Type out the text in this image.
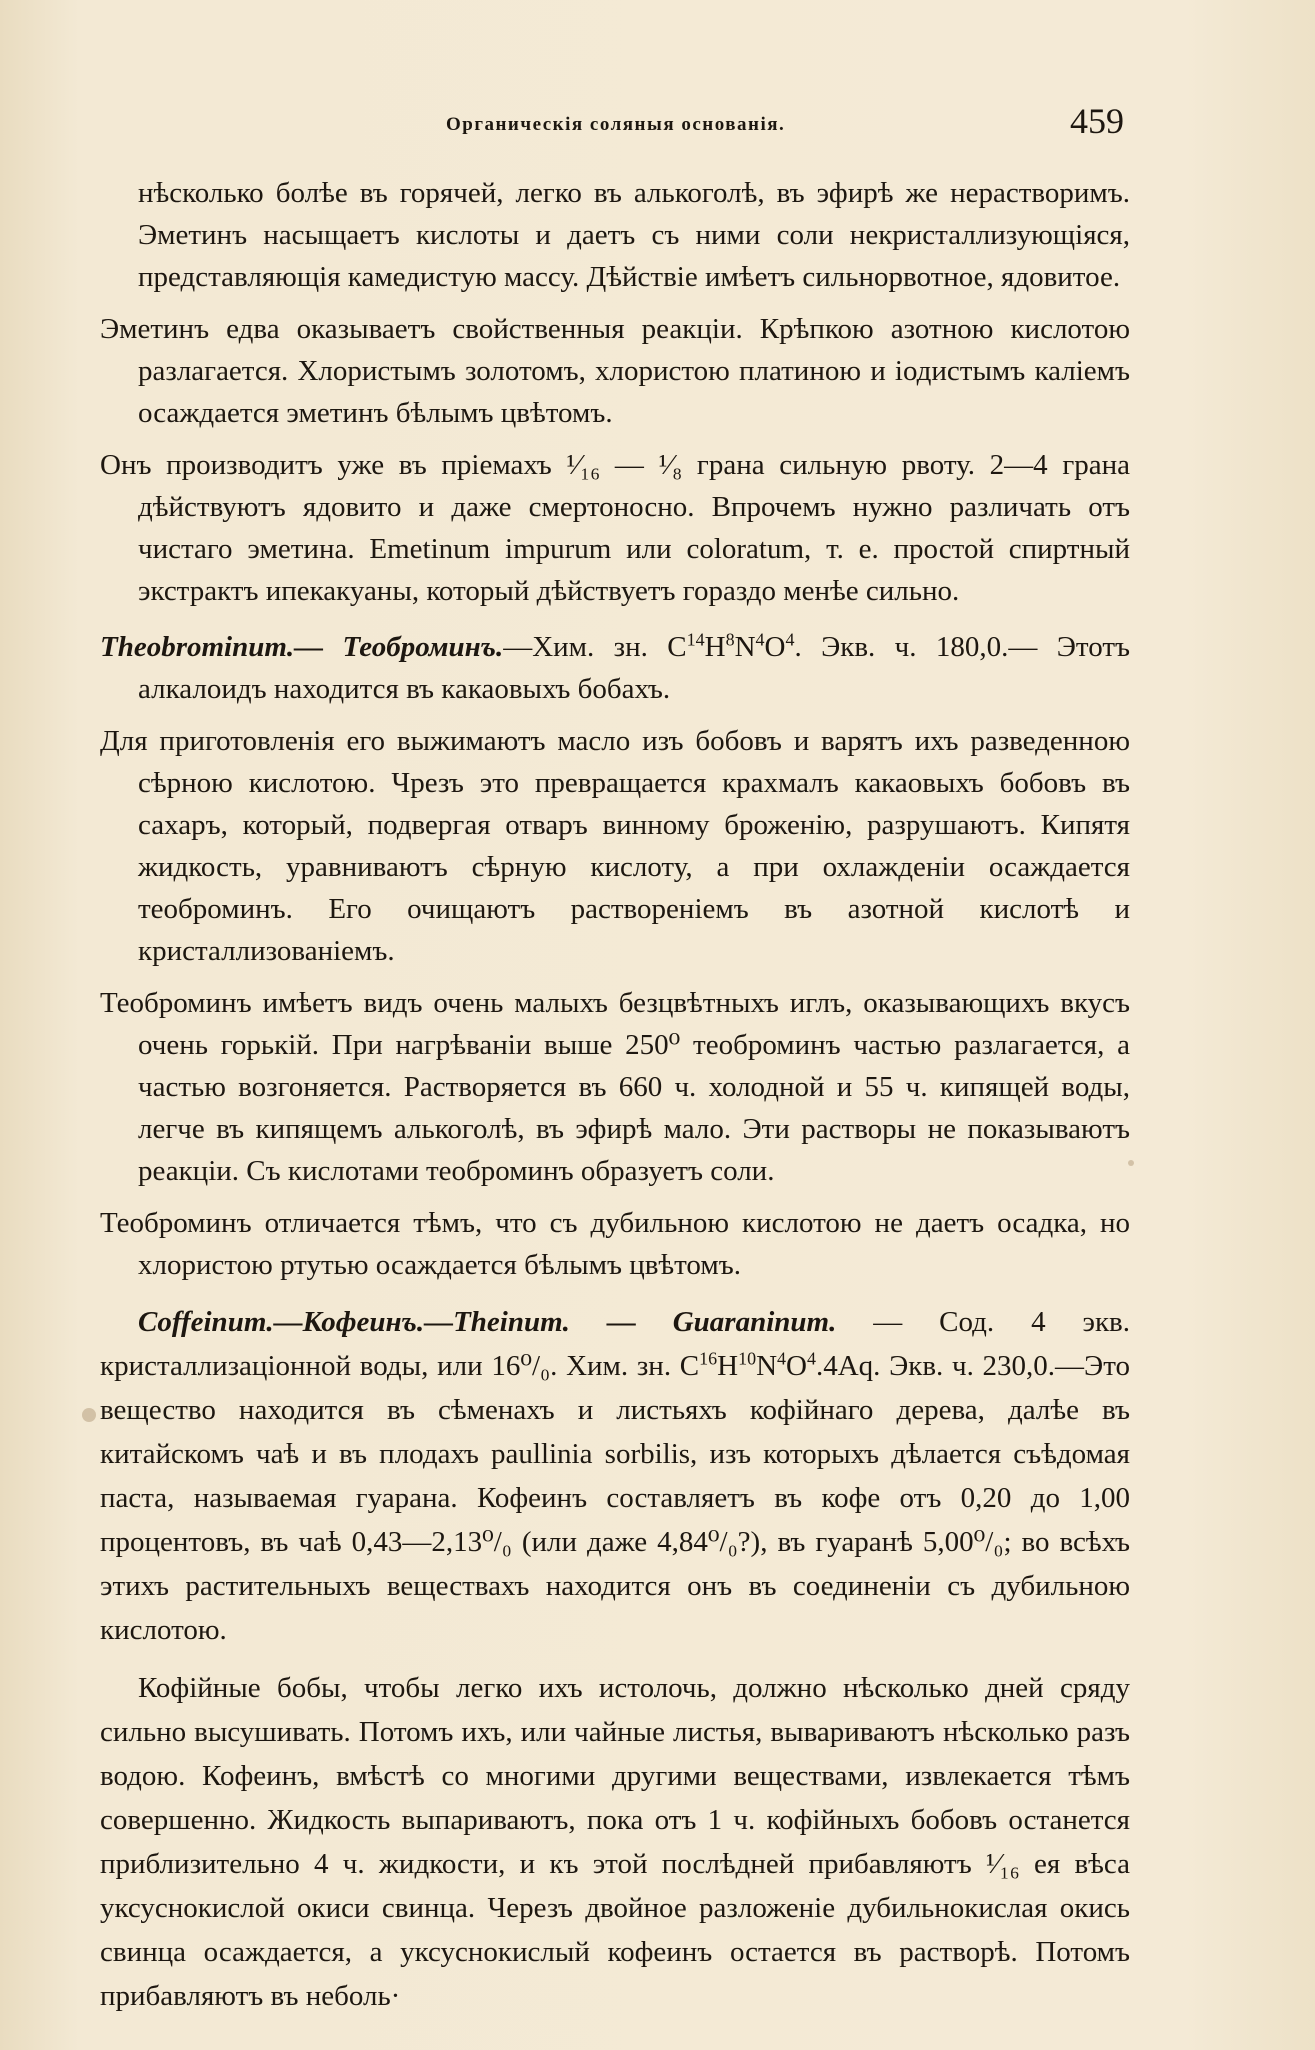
Органическія соляныя основанія.	459

нѣсколько болѣе въ горячей, легко въ алькоголѣ, въ эфирѣ же нерастворимъ. Эметинъ насыщаетъ кислоты и даетъ съ ними соли некристаллизующіяся, представляющія камедистую массу. Дѣйствіе имѣетъ сильнорвотное, ядовитое.

Эметинъ едва оказываетъ свойственныя реакціи. Крѣпкою азотною кислотою разлагается. Хлористымъ золотомъ, хлористою платиною и іодистымъ каліемъ осаждается эметинъ бѣлымъ цвѣтомъ.

Онъ производитъ уже въ пріемахъ ¹⁄₁₆ — ¹⁄₈ грана сильную рвоту. 2—4 грана дѣйствуютъ ядовито и даже смертоносно. Впрочемъ нужно различать отъ чистаго эметина. Emetinum impurum или coloratum, т. е. простой спиртный экстрактъ ипекакуаны, который дѣйствуетъ гораздо менѣе сильно.

Theobrominum.— Теоброминъ.—Хим. зн. $C^{14}H^8N^4O^4$. Экв. ч. 180,0.— Этотъ алкалоидъ находится въ какаовыхъ бобахъ.

Для приготовленія его выжимаютъ масло изъ бобовъ и варятъ ихъ разведенною сѣрною кислотою. Чрезъ это превращается крахмалъ какаовыхъ бобовъ въ сахаръ, который, подвергая отваръ винному броженію, разрушаютъ. Кипятя жидкость, уравниваютъ сѣрную кислоту, а при охлажденіи осаждается теоброминъ. Его очищаютъ раствореніемъ въ азотной кислотѣ и кристаллизованіемъ.

Теоброминъ имѣетъ видъ очень малыхъ безцвѣтныхъ иглъ, оказывающихъ вкусъ очень горькій. При нагрѣваніи выше 250⁰ теоброминъ частью разлагается, а частью возгоняется. Растворяется въ 660 ч. холодной и 55 ч. кипящей воды, легче въ кипящемъ алькоголѣ, въ эфирѣ мало. Эти растворы не показываютъ реакціи. Съ кислотами теоброминъ образуетъ соли.

Теоброминъ отличается тѣмъ, что съ дубильною кислотою не даетъ осадка, но хлористою ртутью осаждается бѣлымъ цвѣтомъ.

Coffeinum.—Кофеинъ.—Theinum. — Guaraninum. — Сод. 4 экв. кристаллизаціонной воды, или 16⁰/₀. Хим. зн. $C^{16}H^{10}N^4O^4.4Aq$. Экв. ч. 230,0.—Это вещество находится въ сѣменахъ и листьяхъ кофійнаго дерева, далѣе въ китайскомъ чаѣ и въ плодахъ paullinia sorbilis, изъ которыхъ дѣлается съѣдомая паста, называемая гуарана. Кофеинъ составляетъ въ кофе отъ 0,20 до 1,00 процентовъ, въ чаѣ 0,43—2,13⁰/₀ (или даже 4,84⁰/₀?), въ гуаранѣ 5,00⁰/₀; во всѣхъ этихъ растительныхъ веществахъ находится онъ въ соединеніи съ дубильною кислотою.

Кофійные бобы, чтобы легко ихъ истолочь, должно нѣсколько дней сряду сильно высушивать. Потомъ ихъ, или чайные листья, вывариваютъ нѣсколько разъ водою. Кофеинъ, вмѣстѣ со многими другими веществами, извлекается тѣмъ совершенно. Жидкость выпариваютъ, пока отъ 1 ч. кофійныхъ бобовъ останется приблизительно 4 ч. жидкости, и къ этой послѣдней прибавляютъ ¹⁄₁₆ ея вѣса уксуснокислой окиси свинца. Черезъ двойное разложеніе дубильнокислая окись свинца осаждается, а уксуснокислый кофеинъ остается въ растворѣ. Потомъ прибавляютъ въ неболь·
